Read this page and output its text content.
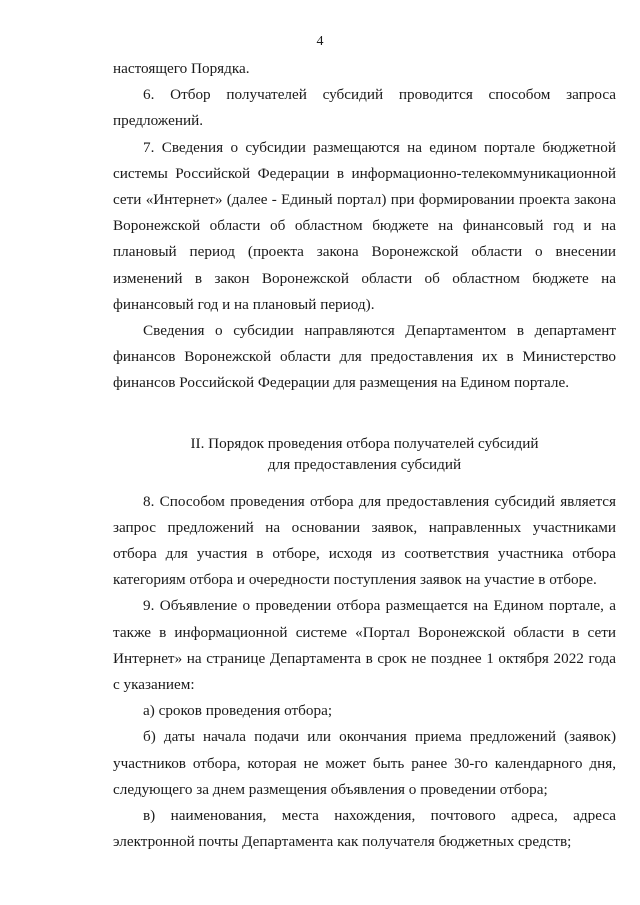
4

настоящего Порядка.

6. Отбор получателей субсидий проводится способом запроса предложений.

7. Сведения о субсидии размещаются на едином портале бюджетной системы Российской Федерации в информационно-телекоммуникационной сети «Интернет» (далее - Единый портал) при формировании проекта закона Воронежской области об областном бюджете на финансовый год и на плановый период (проекта закона Воронежской области о внесении изменений в закон Воронежской области об областном бюджете на финансовый год и на плановый период).

Сведения о субсидии направляются Департаментом в департамент финансов Воронежской области для предоставления их в Министерство финансов Российской Федерации для размещения на Едином портале.

II. Порядок проведения отбора получателей субсидий
для предоставления субсидий

8. Способом проведения отбора для предоставления субсидий является запрос предложений на основании заявок, направленных участниками отбора для участия в отборе, исходя из соответствия участника отбора категориям отбора и очередности поступления заявок на участие в отборе.

9. Объявление о проведении отбора размещается на Едином портале, а также в информационной системе «Портал Воронежской области в сети Интернет» на странице Департамента в срок не позднее 1 октября 2022 года с указанием:

а) сроков проведения отбора;

б) даты начала подачи или окончания приема предложений (заявок) участников отбора, которая не может быть ранее 30-го календарного дня, следующего за днем размещения объявления о проведении отбора;

в) наименования, места нахождения, почтового адреса, адреса электронной почты Департамента как получателя бюджетных средств;
